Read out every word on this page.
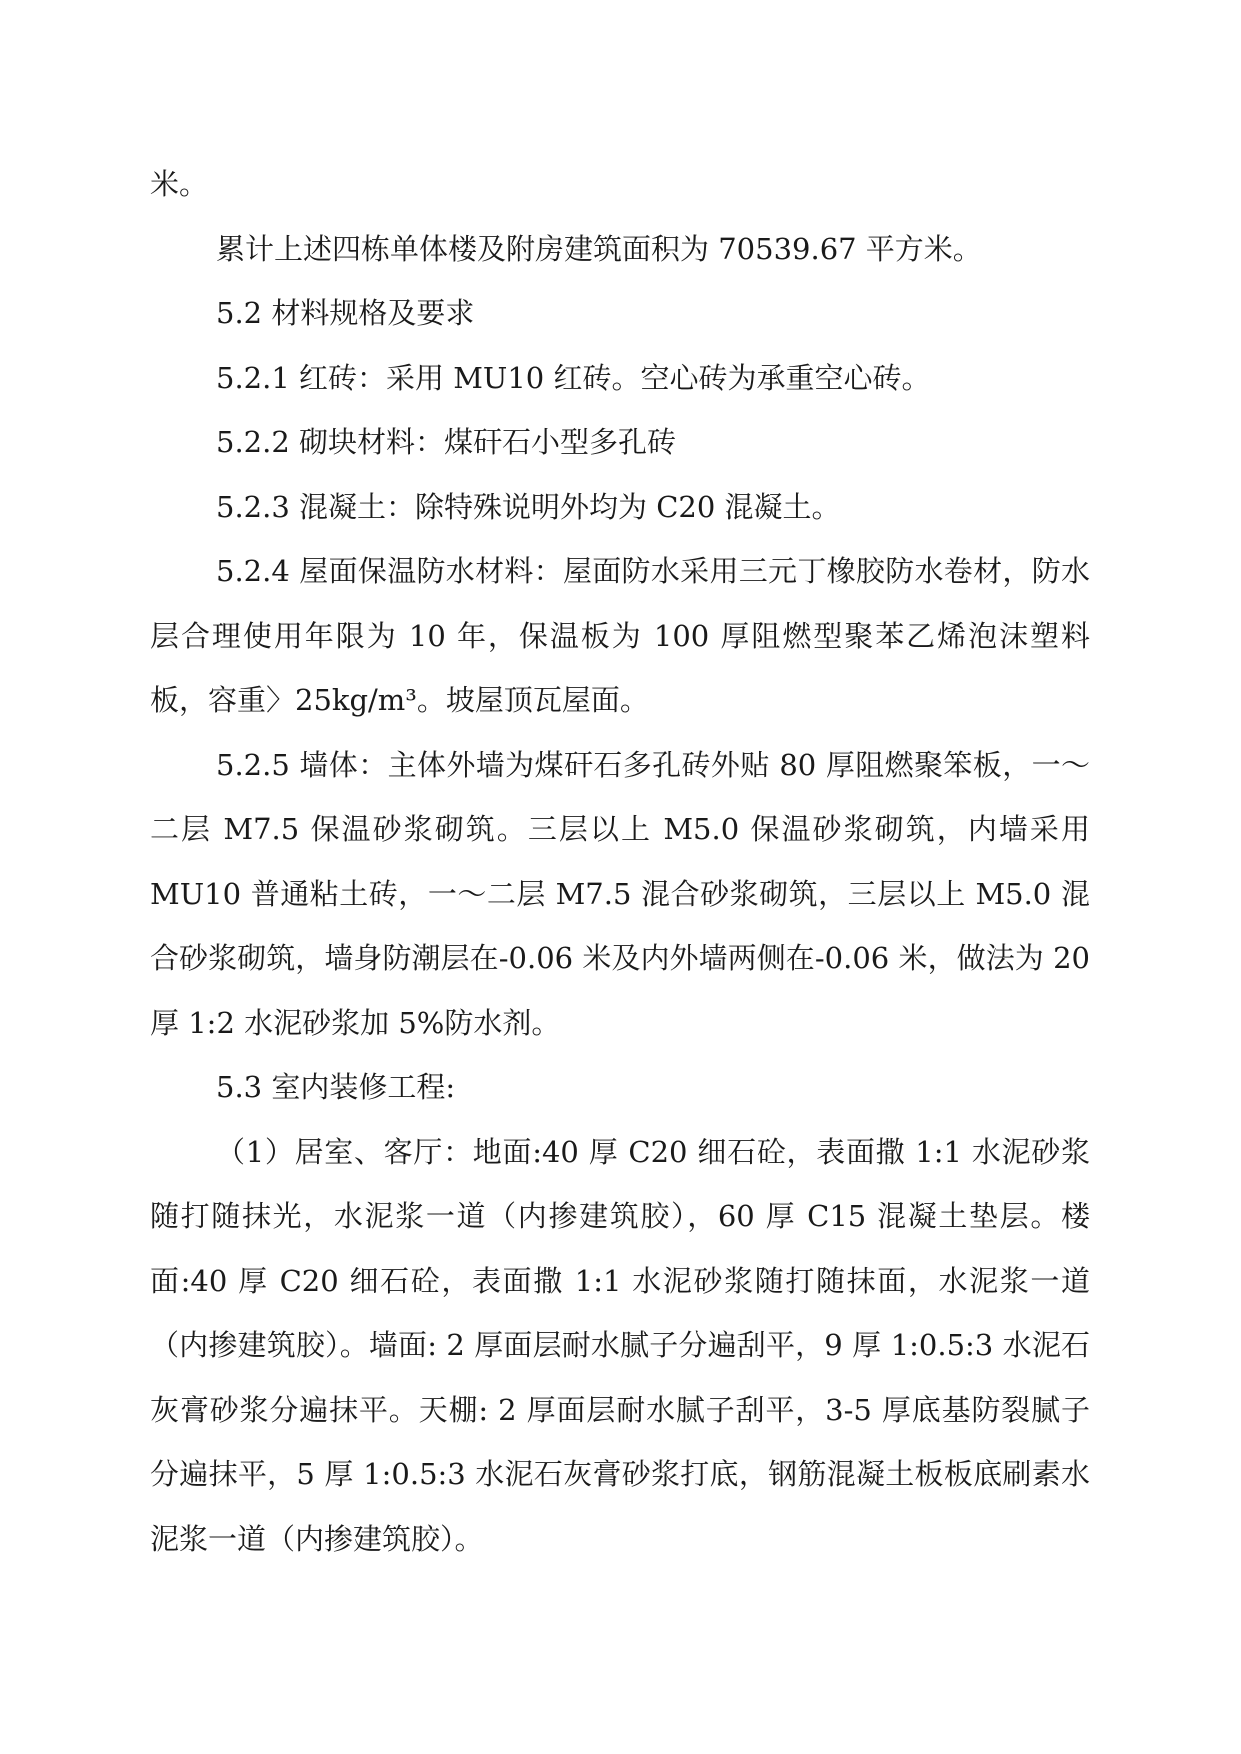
米。

累计上述四栋单体楼及附房建筑面积为 70539.67 平方米。

5.2 材料规格及要求

5.2.1 红砖：采用 MU10 红砖。空心砖为承重空心砖。

5.2.2 砌块材料：煤矸石小型多孔砖

5.2.3 混凝土：除特殊说明外均为 C20 混凝土。

5.2.4 屋面保温防水材料：屋面防水采用三元丁橡胶防水卷材，防水层合理使用年限为 10 年，保温板为 100 厚阻燃型聚苯乙烯泡沫塑料板，容重〉25kg/m³。坡屋顶瓦屋面。

5.2.5 墙体：主体外墙为煤矸石多孔砖外贴 80 厚阻燃聚笨板，一～二层 M7.5 保温砂浆砌筑。三层以上 M5.0 保温砂浆砌筑，内墙采用 MU10 普通粘土砖，一～二层 M7.5 混合砂浆砌筑，三层以上 M5.0 混合砂浆砌筑，墙身防潮层在-0.06 米及内外墙两侧在-0.06 米，做法为 20 厚 1:2 水泥砂浆加 5%防水剂。

5.3 室内装修工程:

（1）居室、客厅：地面:40 厚 C20 细石砼，表面撒 1:1 水泥砂浆随打随抹光，水泥浆一道（内掺建筑胶），60 厚 C15 混凝土垫层。楼面:40 厚 C20 细石砼，表面撒 1:1 水泥砂浆随打随抹面，水泥浆一道（内掺建筑胶）。墙面: 2 厚面层耐水腻子分遍刮平，9 厚 1:0.5:3 水泥石灰膏砂浆分遍抹平。天棚: 2 厚面层耐水腻子刮平，3-5 厚底基防裂腻子分遍抹平，5 厚 1:0.5:3 水泥石灰膏砂浆打底，钢筋混凝土板板底刷素水泥浆一道（内掺建筑胶）。
